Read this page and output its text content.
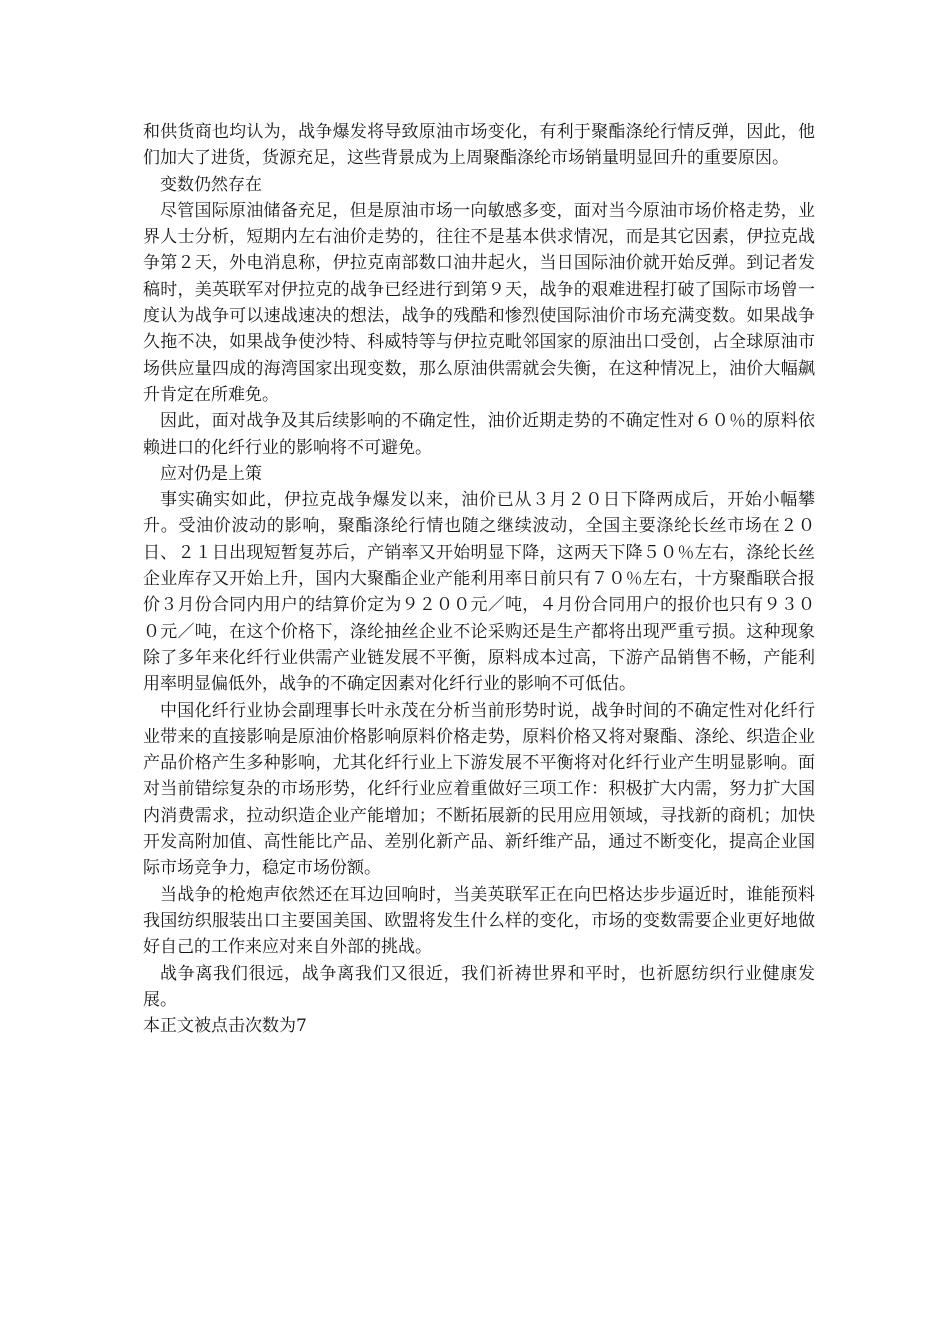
和供货商也均认为，战争爆发将导致原油市场变化，有利于聚酯涤纶行情反弹，因此，他们加大了进货，货源充足，这些背景成为上周聚酯涤纶市场销量明显回升的重要原因。

变数仍然存在

尽管国际原油储备充足，但是原油市场一向敏感多变，面对当今原油市场价格走势，业界人士分析，短期内左右油价走势的，往往不是基本供求情况，而是其它因素，伊拉克战争第２天，外电消息称，伊拉克南部数口油井起火，当日国际油价就开始反弹。到记者发稿时，美英联军对伊拉克的战争已经进行到第９天，战争的艰难进程打破了国际市场曾一度认为战争可以速战速决的想法，战争的残酷和惨烈使国际油价市场充满变数。如果战争久拖不决，如果战争使沙特、科威特等与伊拉克毗邻国家的原油出口受创，占全球原油市场供应量四成的海湾国家出现变数，那么原油供需就会失衡，在这种情况上，油价大幅飙升肯定在所难免。

因此，面对战争及其后续影响的不确定性，油价近期走势的不确定性对６０％的原料依赖进口的化纤行业的影响将不可避免。

应对仍是上策

事实确实如此，伊拉克战争爆发以来，油价已从３月２０日下降两成后，开始小幅攀升。受油价波动的影响，聚酯涤纶行情也随之继续波动，全国主要涤纶长丝市场在２０日、２１日出现短暂复苏后，产销率又开始明显下降，这两天下降５０％左右，涤纶长丝企业库存又开始上升，国内大聚酯企业产能利用率日前只有７０％左右，十方聚酯联合报价３月份合同内用户的结算价定为９２００元／吨，４月份合同用户的报价也只有９３００元／吨，在这个价格下，涤纶抽丝企业不论采购还是生产都将出现严重亏损。这种现象除了多年来化纤行业供需产业链发展不平衡，原料成本过高，下游产品销售不畅，产能利用率明显偏低外，战争的不确定因素对化纤行业的影响不可低估。

中国化纤行业协会副理事长叶永茂在分析当前形势时说，战争时间的不确定性对化纤行业带来的直接影响是原油价格影响原料价格走势，原料价格又将对聚酯、涤纶、织造企业产品价格产生多种影响，尤其化纤行业上下游发展不平衡将对化纤行业产生明显影响。面对当前错综复杂的市场形势，化纤行业应着重做好三项工作：积极扩大内需，努力扩大国内消费需求，拉动织造企业产能增加；不断拓展新的民用应用领域，寻找新的商机；加快开发高附加值、高性能比产品、差别化新产品、新纤维产品，通过不断变化，提高企业国际市场竞争力，稳定市场份额。

当战争的枪炮声依然还在耳边回响时，当美英联军正在向巴格达步步逼近时，谁能预料我国纺织服装出口主要国美国、欧盟将发生什么样的变化，市场的变数需要企业更好地做好自己的工作来应对来自外部的挑战。

战争离我们很远，战争离我们又很近，我们祈祷世界和平时，也祈愿纺织行业健康发展。

本正文被点击次数为7
